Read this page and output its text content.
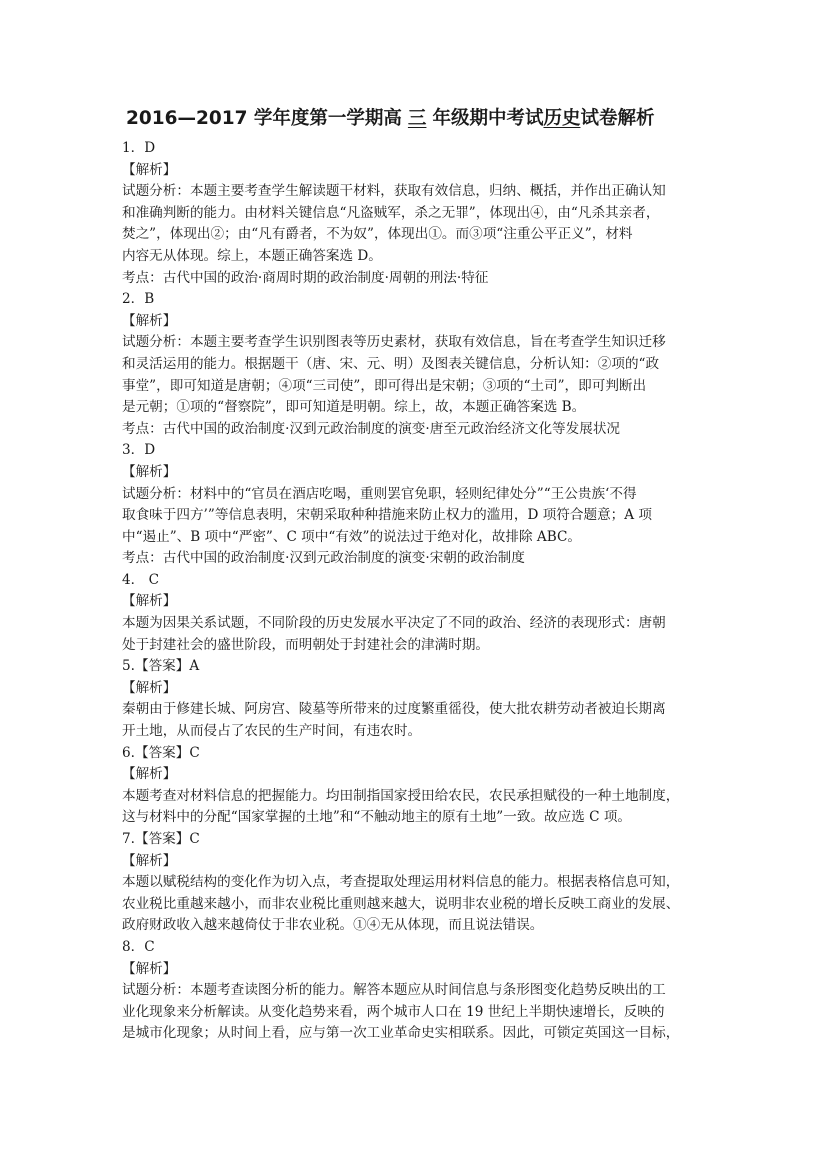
2016—2017 学年度第一学期高 三 年级期中考试历史试卷解析
1．D
【解析】
试题分析：本题主要考查学生解读题干材料，获取有效信息，归纳、概括，并作出正确认知
和准确判断的能力。由材料关键信息“凡盗贼军，杀之无罪”，体现出④，由“凡杀其亲者，
焚之”，体现出②；由“凡有爵者，不为奴”，体现出①。而③项“注重公平正义”，材料
内容无从体现。综上，本题正确答案选 D。
考点：古代中国的政治·商周时期的政治制度·周朝的刑法·特征
2．B
【解析】
试题分析：本题主要考查学生识别图表等历史素材，获取有效信息，旨在考查学生知识迁移
和灵活运用的能力。根据题干（唐、宋、元、明）及图表关键信息，分析认知：②项的“政
事堂”，即可知道是唐朝；④项“三司使”，即可得出是宋朝；③项的“土司”，即可判断出
是元朝；①项的“督察院”，即可知道是明朝。综上，故，本题正确答案选 B。
考点：古代中国的政治制度·汉到元政治制度的演变·唐至元政治经济文化等发展状况
3．D
【解析】
试题分析：材料中的“官员在酒店吃喝，重则罢官免职，轻则纪律处分”“王公贵族‘不得
取食味于四方’”等信息表明，宋朝采取种种措施来防止权力的滥用，D 项符合题意；A 项
中“遏止”、B 项中“严密”、C 项中“有效”的说法过于绝对化，故排除 ABC。
考点：古代中国的政治制度·汉到元政治制度的演变·宋朝的政治制度
4． C
【解析】
本题为因果关系试题，不同阶段的历史发展水平决定了不同的政治、经济的表现形式：唐朝
处于封建社会的盛世阶段，而明朝处于封建社会的津满时期。
5.【答案】A
【解析】
秦朝由于修建长城、阿房宫、陵墓等所带来的过度繁重徭役，使大批农耕劳动者被迫长期离
开土地，从而侵占了农民的生产时间，有违农时。
6.【答案】C
【解析】
本题考查对材料信息的把握能力。均田制指国家授田给农民，农民承担赋役的一种土地制度，
这与材料中的分配“国家掌握的土地”和“不触动地主的原有土地”一致。故应选 C 项。
7.【答案】C
【解析】
本题以赋税结构的变化作为切入点，考查提取处理运用材料信息的能力。根据表格信息可知，
农业税比重越来越小，而非农业税比重则越来越大，说明非农业税的增长反映工商业的发展、
政府财政收入越来越倚仗于非农业税。①④无从体现，而且说法错误。
8．C
【解析】
试题分析：本题考查读图分析的能力。解答本题应从时间信息与条形图变化趋势反映出的工
业化现象来分析解读。从变化趋势来看，两个城市人口在 19 世纪上半期快速增长，反映的
是城市化现象；从时间上看，应与第一次工业革命史实相联系。因此，可锁定英国这一目标，
